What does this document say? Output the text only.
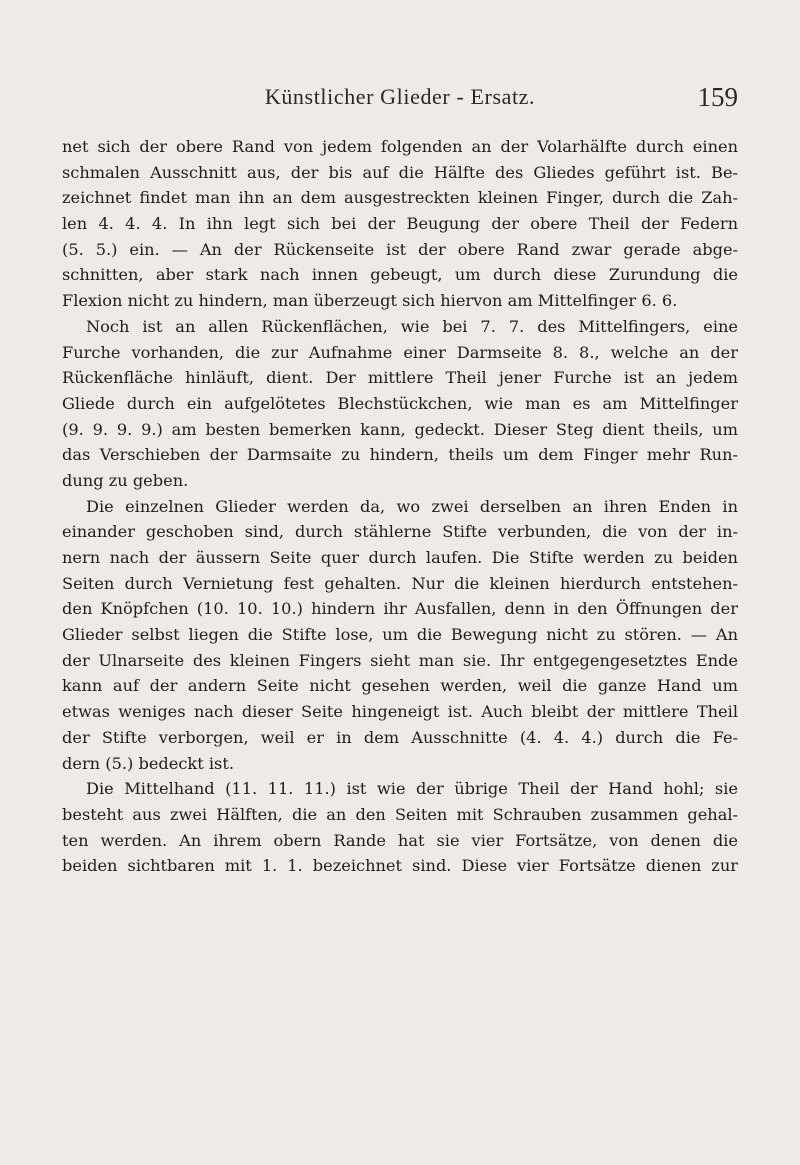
Künstlicher Glieder - Ersatz.	159
net sich der obere Rand von jedem folgenden an der Volarhälfte durch einen
schmalen Ausschnitt aus, der bis auf die Hälfte des Gliedes geführt ist. Be-
zeichnet findet man ihn an dem ausgestreckten kleinen Finger, durch die Zah-
len 4. 4. 4. In ihn legt sich bei der Beugung der obere Theil der Federn
(5. 5.) ein. — An der Rückenseite ist der obere Rand zwar gerade abge-
schnitten, aber stark nach innen gebeugt, um durch diese Zurundung die
Flexion nicht zu hindern, man überzeugt sich hiervon am Mittelfinger 6. 6.
Noch ist an allen Rückenflächen, wie bei 7. 7. des Mittelfingers, eine
Furche vorhanden, die zur Aufnahme einer Darmseite 8. 8., welche an der
Rückenfläche hinläuft, dient. Der mittlere Theil jener Furche ist an jedem
Gliede durch ein aufgelötetes Blechstückchen, wie man es am Mittelfinger
(9. 9. 9. 9.) am besten bemerken kann, gedeckt. Dieser Steg dient theils, um
das Verschieben der Darmsaite zu hindern, theils um dem Finger mehr Run-
dung zu geben.
Die einzelnen Glieder werden da, wo zwei derselben an ihren Enden in
einander geschoben sind, durch stählerne Stifte verbunden, die von der in-
nern nach der äussern Seite quer durch laufen. Die Stifte werden zu beiden
Seiten durch Vernietung fest gehalten. Nur die kleinen hierdurch entstehen-
den Knöpfchen (10. 10. 10.) hindern ihr Ausfallen, denn in den Öffnungen der
Glieder selbst liegen die Stifte lose, um die Bewegung nicht zu stören. — An
der Ulnarseite des kleinen Fingers sieht man sie. Ihr entgegengesetztes Ende
kann auf der andern Seite nicht gesehen werden, weil die ganze Hand um
etwas weniges nach dieser Seite hingeneigt ist. Auch bleibt der mittlere Theil
der Stifte verborgen, weil er in dem Ausschnitte (4. 4. 4.) durch die Fe-
dern (5.) bedeckt ist.
Die Mittelhand (11. 11. 11.) ist wie der übrige Theil der Hand hohl; sie
besteht aus zwei Hälften, die an den Seiten mit Schrauben zusammen gehal-
ten werden. An ihrem obern Rande hat sie vier Fortsätze, von denen die
beiden sichtbaren mit 1. 1. bezeichnet sind. Diese vier Fortsätze dienen zur
